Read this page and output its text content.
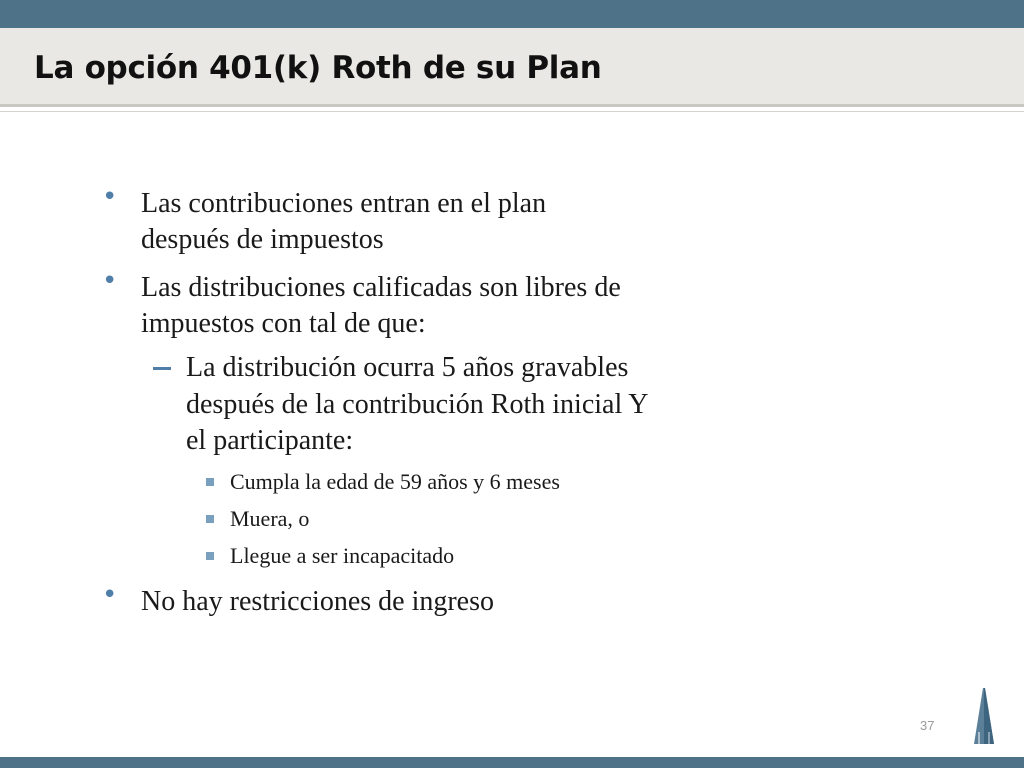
La opción 401(k) Roth de su Plan
• Las contribuciones entran en el plan
después de impuestos
• Las distribuciones calificadas son libres de
impuestos con tal de que:
La distribución ocurra 5 años gravables
después de la contribución Roth inicial Y
el participante:
Cumpla la edad de 59 años y 6 meses
Muera, o
Llegue a ser incapacitado
• No hay restricciones de ingreso
37
